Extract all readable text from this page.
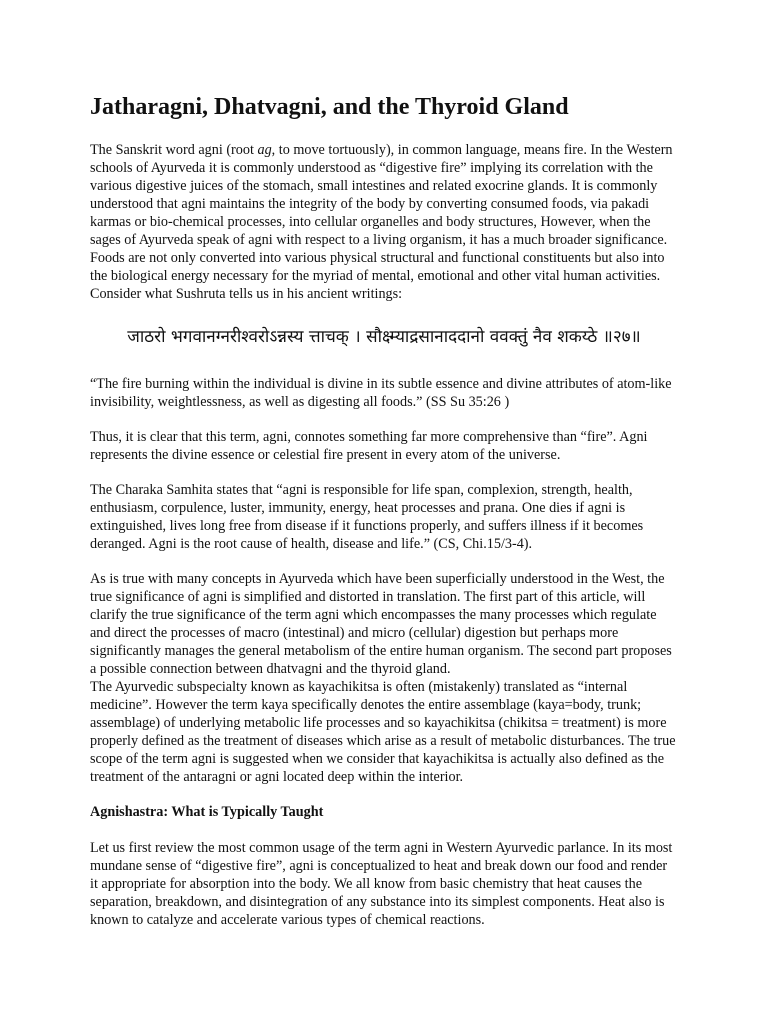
Jatharagni, Dhatvagni, and the Thyroid Gland

The Sanskrit word agni (root ag, to move tortuously), in common language, means fire. In the Western schools of Ayurveda it is commonly understood as “digestive fire” implying its correlation with the various digestive juices of the stomach, small intestines and related exocrine glands. It is commonly understood that agni maintains the integrity of the body by converting consumed foods, via pakadi karmas or bio-chemical processes, into cellular organelles and body structures, However, when the sages of Ayurveda speak of agni with respect to a living organism, it has a much broader significance. Foods are not only converted into various physical structural and functional constituents but also into the biological energy necessary for the myriad of mental, emotional and other vital human activities. Consider what Sushruta tells us in his ancient writings:

जाठरो भगवानग्नरीश्वरोऽन्नस्य त्ताचक् । सौक्ष्म्याद्रसानाददानो ववक्तुं नैव शकय्ठे ॥२७॥

“The fire burning within the individual is divine in its subtle essence and divine attributes of atom-like invisibility, weightlessness, as well as digesting all foods.” (SS Su 35:26 )

Thus, it is clear that this term, agni, connotes something far more comprehensive than “fire”. Agni represents the divine essence or celestial fire present in every atom of the universe.

The Charaka Samhita states that “agni is responsible for life span, complexion, strength, health, enthusiasm, corpulence, luster, immunity, energy, heat processes and prana. One dies if agni is extinguished, lives long free from disease if it functions properly, and suffers illness if it becomes deranged. Agni is the root cause of health, disease and life.” (CS, Chi.15/3-4).

As is true with many concepts in Ayurveda which have been superficially understood in the West, the true significance of agni is simplified and distorted in translation. The first part of this article, will clarify the true significance of the term agni which encompasses the many processes which regulate and direct the processes of macro (intestinal) and micro (cellular) digestion but perhaps more significantly manages the general metabolism of the entire human organism. The second part proposes a possible connection between dhatvagni and the thyroid gland.

The Ayurvedic subspecialty known as kayachikitsa is often (mistakenly) translated as “internal medicine”. However the term kaya specifically denotes the entire assemblage (kaya=body, trunk; assemblage) of underlying metabolic life processes and so kayachikitsa (chikitsa = treatment) is more properly defined as the treatment of diseases which arise as a result of metabolic disturbances. The true scope of the term agni is suggested when we consider that kayachikitsa is actually also defined as the treatment of the antaragni or agni located deep within the interior.

Agnishastra: What is Typically Taught

Let us first review the most common usage of the term agni in Western Ayurvedic parlance. In its most mundane sense of “digestive fire”, agni is conceptualized to heat and break down our food and render it appropriate for absorption into the body. We all know from basic chemistry that heat causes the separation, breakdown, and disintegration of any substance into its simplest components. Heat also is known to catalyze and accelerate various types of chemical reactions.
